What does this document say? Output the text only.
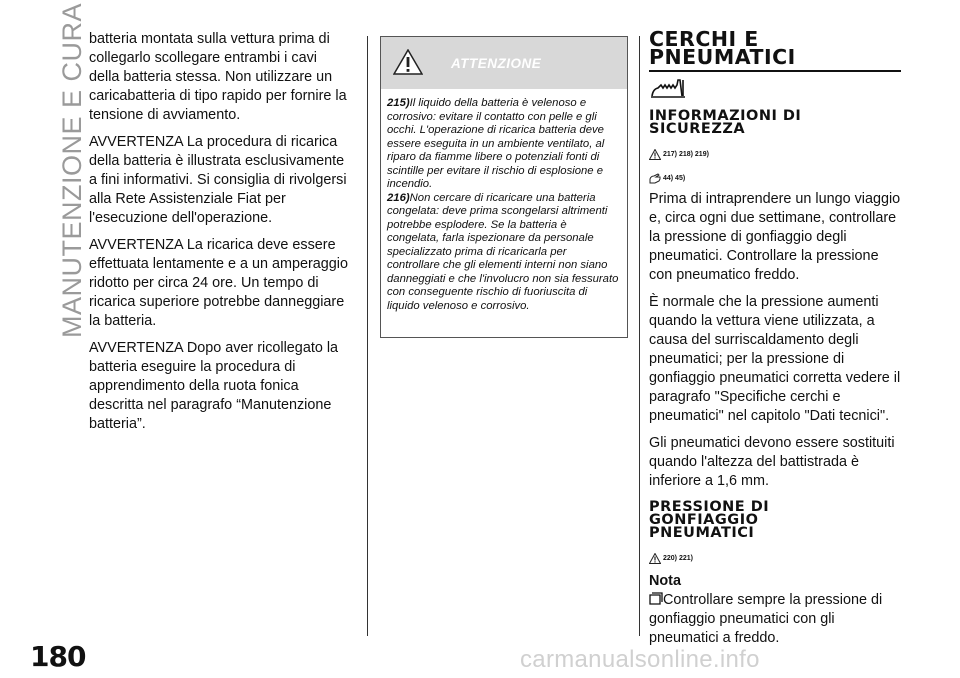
MANUTENZIONE E CURA batteria montata sulla vettura prima di collegarlo scollegare entrambi i cavi della batteria stessa. Non utilizzare un caricabatteria di tipo rapido per fornire la tensione di avviamento.

AVVERTENZA La procedura di ricarica della batteria è illustrata esclusivamente a fini informativi. Si consiglia di rivolgersi alla Rete Assistenziale Fiat per l'esecuzione dell'operazione.

AVVERTENZA La ricarica deve essere effettuata lentamente e a un amperaggio ridotto per circa 24 ore. Un tempo di ricarica superiore potrebbe danneggiare la batteria.

AVVERTENZA Dopo aver ricollegato la batteria eseguire la procedura di apprendimento della ruota fonica descritta nel paragrafo “Manutenzione batteria”.

ATTENZIONE

215)Il liquido della batteria è velenoso e corrosivo: evitare il contatto con pelle e gli occhi. L'operazione di ricarica batteria deve essere eseguita in un ambiente ventilato, al riparo da fiamme libere o potenziali fonti di scintille per evitare il rischio di esplosione e incendio.

216)Non cercare di ricaricare una batteria congelata: deve prima scongelarsi altrimenti potrebbe esplodere. Se la batteria è congelata, farla ispezionare da personale specializzato prima di ricaricarla per controllare che gli elementi interni non siano danneggiati e che l'involucro non sia fessurato con conseguente rischio di fuoriuscita di liquido velenoso e corrosivo.

CERCHI E
PNEUMATICI
INFORMAZIONI DI
SICUREZZA
217) 218) 219)
44) 45)

Prima di intraprendere un lungo viaggio e, circa ogni due settimane, controllare la pressione di gonfiaggio degli pneumatici. Controllare la pressione con pneumatico freddo.

È normale che la pressione aumenti quando la vettura viene utilizzata, a causa del surriscaldamento degli pneumatici; per la pressione di gonfiaggio pneumatici corretta vedere il paragrafo "Specifiche cerchi e pneumatici" nel capitolo "Dati tecnici".

Gli pneumatici devono essere sostituiti quando l'altezza del battistrada è inferiore a 1,6 mm.

PRESSIONE DI
GONFIAGGIO
PNEUMATICI
220) 221)

Nota

Controllare sempre la pressione di gonfiaggio pneumatici con gli pneumatici a freddo.

180	carmanualsonline.info
